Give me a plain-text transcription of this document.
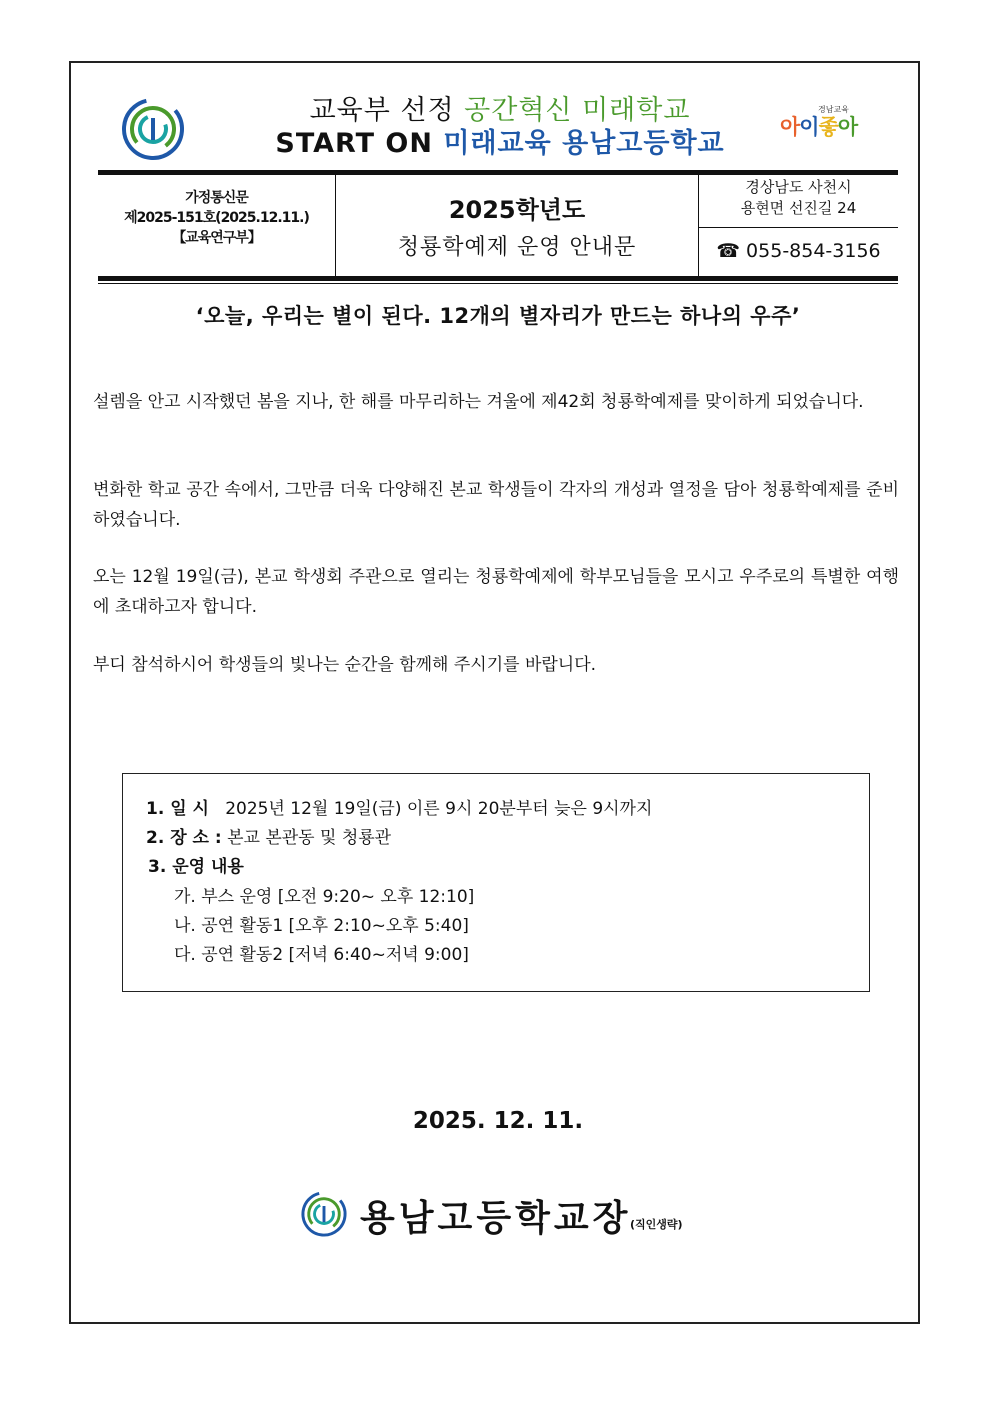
교육부 선정 공간혁신 미래학교
START ON 미래교육 용남고등학교
경남교육
아이좋아
가정통신문
제2025-151호(2025.12.11.)
【교육연구부】
2025학년도
청룡학예제 운영 안내문
경상남도 사천시
용현면 선진길 24
☎ 055-854-3156
‘오늘, 우리는 별이 된다. 12개의 별자리가 만드는 하나의 우주’
설렘을 안고 시작했던 봄을 지나, 한 해를 마무리하는 겨울에 제42회 청룡학예제를 맞이하게 되었습니다.
변화한 학교 공간 속에서, 그만큼 더욱 다양해진 본교 학생들이 각자의 개성과 열정을 담아 청룡학예제를 준비하였습니다.
오는 12월 19일(금), 본교 학생회 주관으로 열리는 청룡학예제에 학부모님들을 모시고 우주로의 특별한 여행에 초대하고자 합니다.
부디 참석하시어 학생들의 빛나는 순간을 함께해 주시기를 바랍니다.
1. 일 시 2025년 12월 19일(금) 이른 9시 20분부터 늦은 9시까지
2. 장 소 : 본교 본관동 및 청룡관
3. 운영 내용
가. 부스 운영 [오전 9:20~ 오후 12:10]
나. 공연 활동1 [오후 2:10~오후 5:40]
다. 공연 활동2 [저녁 6:40~저녁 9:00]
2025. 12. 11.
용남고등학교장
(직인생략)
